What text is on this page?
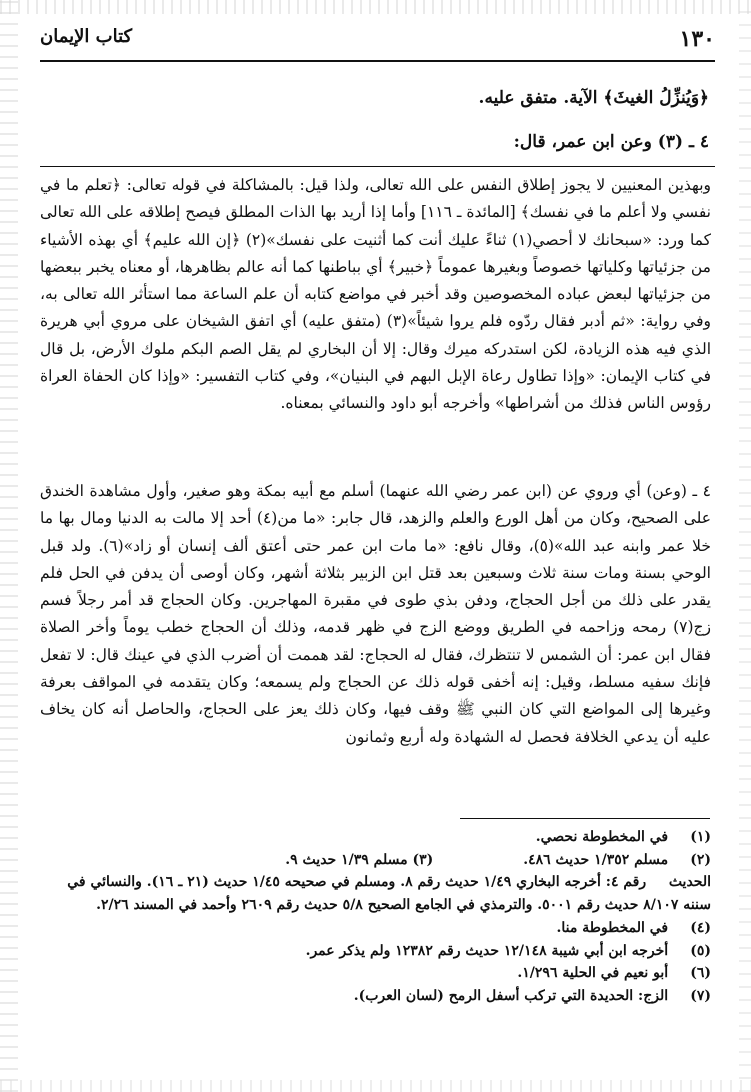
١٣٠
كتاب الإيمان
﴿وَيُنزِّلُ الغيثَ﴾ الآية. متفق عليه.
٤ ـ (٣) وعن ابن عمر، قال:
وبهذين المعنيين لا يجوز إطلاق النفس على الله تعالى، ولذا قيل: بالمشاكلة في قوله تعالى: ﴿تعلم ما في نفسي ولا أعلم ما في نفسك﴾ [المائدة ـ ١١٦] وأما إذا أريد بها الذات المطلق فيصح إطلاقه على الله تعالى كما ورد: «سبحانك لا أحصي(١) ثناءً عليك أنت كما أثنيت على نفسك»(٢) ﴿إن الله عليم﴾ أي بهذه الأشياء من جزئياتها وكلياتها خصوصاً وبغيرها عموماً ﴿خبير﴾ أي بباطنها كما أنه عالم بظاهرها، أو معناه يخبر ببعضها من جزئياتها لبعض عباده المخصوصين وقد أخبر في مواضع كتابه أن علم الساعة مما استأثر الله تعالى به، وفي رواية: «ثم أدبر فقال ردّوه فلم يروا شيئاً»(٣) (متفق عليه) أي اتفق الشيخان على مروي أبي هريرة الذي فيه هذه الزيادة، لكن استدركه ميرك وقال: إلا أن البخاري لم يقل الصم البكم ملوك الأرض، بل قال في كتاب الإيمان: «وإذا تطاول رعاة الإبل البهم في البنيان»، وفي كتاب التفسير: «وإذا كان الحفاة العراة رؤوس الناس فذلك من أشراطها» وأخرجه أبو داود والنسائي بمعناه.
٤ ـ (وعن) أي وروي عن (ابن عمر رضي الله عنهما) أسلم مع أبيه بمكة وهو صغير، وأول مشاهدة الخندق على الصحيح، وكان من أهل الورع والعلم والزهد، قال جابر: «ما من(٤) أحد إلا مالت به الدنيا ومال بها ما خلا عمر وابنه عبد الله»(٥)، وقال نافع: «ما مات ابن عمر حتى أعتق ألف إنسان أو زاد»(٦). ولد قبل الوحي بسنة ومات سنة ثلاث وسبعين بعد قتل ابن الزبير بثلاثة أشهر، وكان أوصى أن يدفن في الحل فلم يقدر على ذلك من أجل الحجاج، ودفن بذي طوى في مقبرة المهاجرين. وكان الحجاج قد أمر رجلاً فسم زج(٧) رمحه وزاحمه في الطريق ووضع الزج في ظهر قدمه، وذلك أن الحجاج خطب يوماً وأخر الصلاة فقال ابن عمر: أن الشمس لا تنتظرك، فقال له الحجاج: لقد هممت أن أضرب الذي في عينك قال: لا تفعل فإنك سفيه مسلط، وقيل: إنه أخفى قوله ذلك عن الحجاج ولم يسمعه؛ وكان يتقدمه في المواقف بعرفة وغيرها إلى المواضع التي كان النبي ﷺ وقف فيها، وكان ذلك يعز على الحجاج، والحاصل أنه كان يخاف عليه أن يدعي الخلافة فحصل له الشهادة وله أربع وثمانون
(١) في المخطوطة نحصي.
(٢) مسلم ١/٣٥٢ حديث ٤٨٦. (٣) مسلم ١/٣٩ حديث ٩.
الحديث رقم ٤: أخرجه البخاري ١/٤٩ حديث رقم ٨. ومسلم في صحيحه ١/٤٥ حديث (٢١ ـ ١٦). والنسائي في سننه ٨/١٠٧ حديث رقم ٥٠٠١. والترمذي في الجامع الصحيح ٥/٨ حديث رقم ٢٦٠٩ وأحمد في المسند ٢/٢٦.
(٤) في المخطوطة منا.
(٥) أخرجه ابن أبي شيبة ١٢/١٤٨ حديث رقم ١٢٣٨٢ ولم يذكر عمر.
(٦) أبو نعيم في الحلية ١/٢٩٦.
(٧) الزج: الحديدة التي تركب أسفل الرمح (لسان العرب).
